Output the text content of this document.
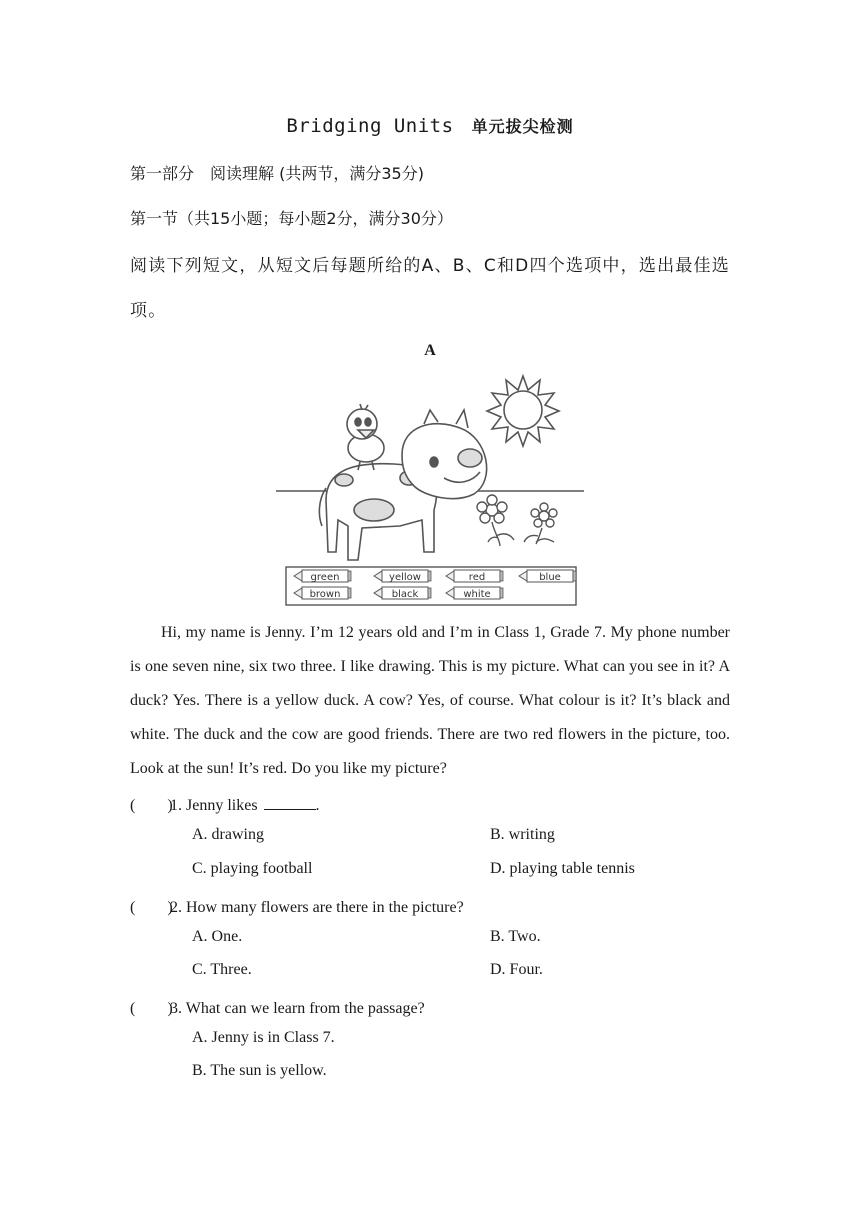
Bridging Units 单元拔尖检测
第一部分　阅读理解 (共两节，满分35分)
第一节（共15小题；每小题2分，满分30分）
阅读下列短文，从短文后每题所给的A、B、C和D四个选项中，选出最佳选项。
A
green	yellow	red	blue
brown	black	white
Hi, my name is Jenny. I’m 12 years old and I’m in Class 1, Grade 7. My phone number is one seven nine, six two three. I like drawing. This is my picture. What can you see in it? A duck? Yes. There is a yellow duck. A cow? Yes, of course. What colour is it? It’s black and white. The duck and the cow are good friends. There are two red flowers in the picture, too. Look at the sun! It’s red. Do you like my picture?
(　　)1. Jenny likes	.
A. drawing	B. writing
C. playing football	D. playing table tennis
(　　)2. How many flowers are there in the picture?
A. One.	B. Two.
C. Three.	D. Four.
(　　)3. What can we learn from the passage?
A. Jenny is in Class 7.
B. The sun is yellow.
